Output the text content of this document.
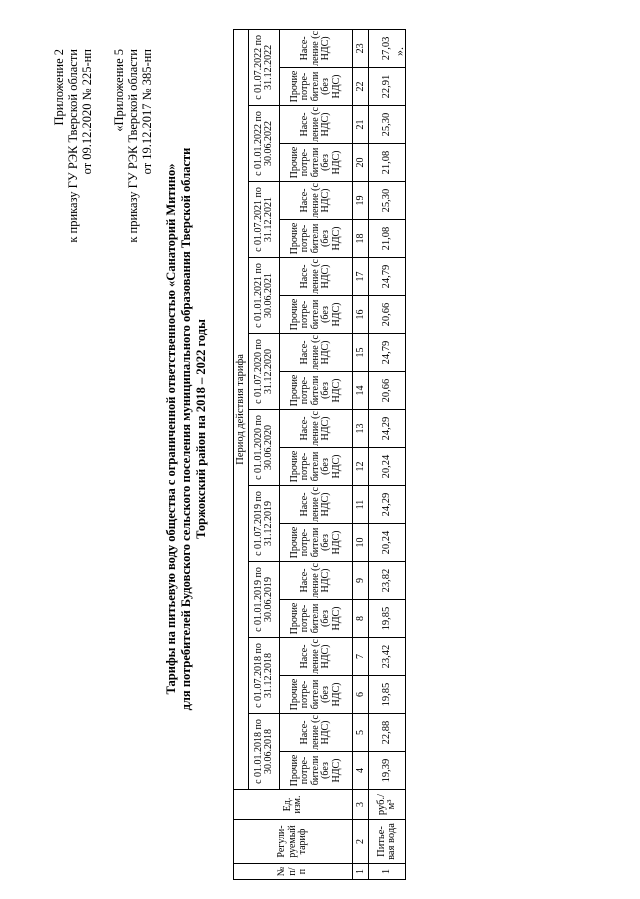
Приложение 2 к приказу ГУ РЭК Тверской области от 09.12.2020 № 225-нп «Приложение 5 к приказу ГУ РЭК Тверской области от 19.12.2017 № 385-нп
Тарифы на питьевую воду общества с ограниченной ответственностью «Санаторий Митино» для потребителей Будовского сельского поселения муниципального образования Тверской области Торжокский район на 2018 – 2022 годы
№ п/ п	Регули-руемый тариф	Ед. изм.	Период действия тарифа																			
			с 01.01.2018 по 30.06.2018		с 01.07.2018 по 31.12.2018		с 01.01.2019 по 30.06.2019		с 01.07.2019 по 31.12.2019		с 01.01.2020 по 30.06.2020		с 01.07.2020 по 31.12.2020		с 01.01.2021 по 30.06.2021		с 01.07.2021 по 31.12.2021		с 01.01.2022 по 30.06.2022		с 01.07.2022 по 31.12.2022	
			Прочие потре-бители (без НДС)	Насе-ление (с НДС)	Прочие потре-бители (без НДС)	Насе-ление (с НДС)	Прочие потре-бители (без НДС)	Насе-ление (с НДС)	Прочие потре-бители (без НДС)	Насе-ление (с НДС)	Прочие потре-бители (без НДС)	Насе-ление (с НДС)	Прочие потре-бители (без НДС)	Насе-ление (с НДС)	Прочие потре-бители (без НДС)	Насе-ление (с НДС)	Прочие потре-бители (без НДС)	Насе-ление (с НДС)	Прочие потре-бители (без НДС)	Насе-ление (с НДС)	Прочие потре-бители (без НДС)	Насе-ление (с НДС)
1	2	3	4	5	6	7	8	9	10	11	12	13	14	15	16	17	18	19	20	21	22	23
1	Питье-вая вода	руб./ м³	19,39	22,88	19,85	23,42	19,85	23,82	20,24	24,29	20,24	24,29	20,66	24,79	20,66	24,79	21,08	25,30	21,08	25,30	22,91	27,03 ».
